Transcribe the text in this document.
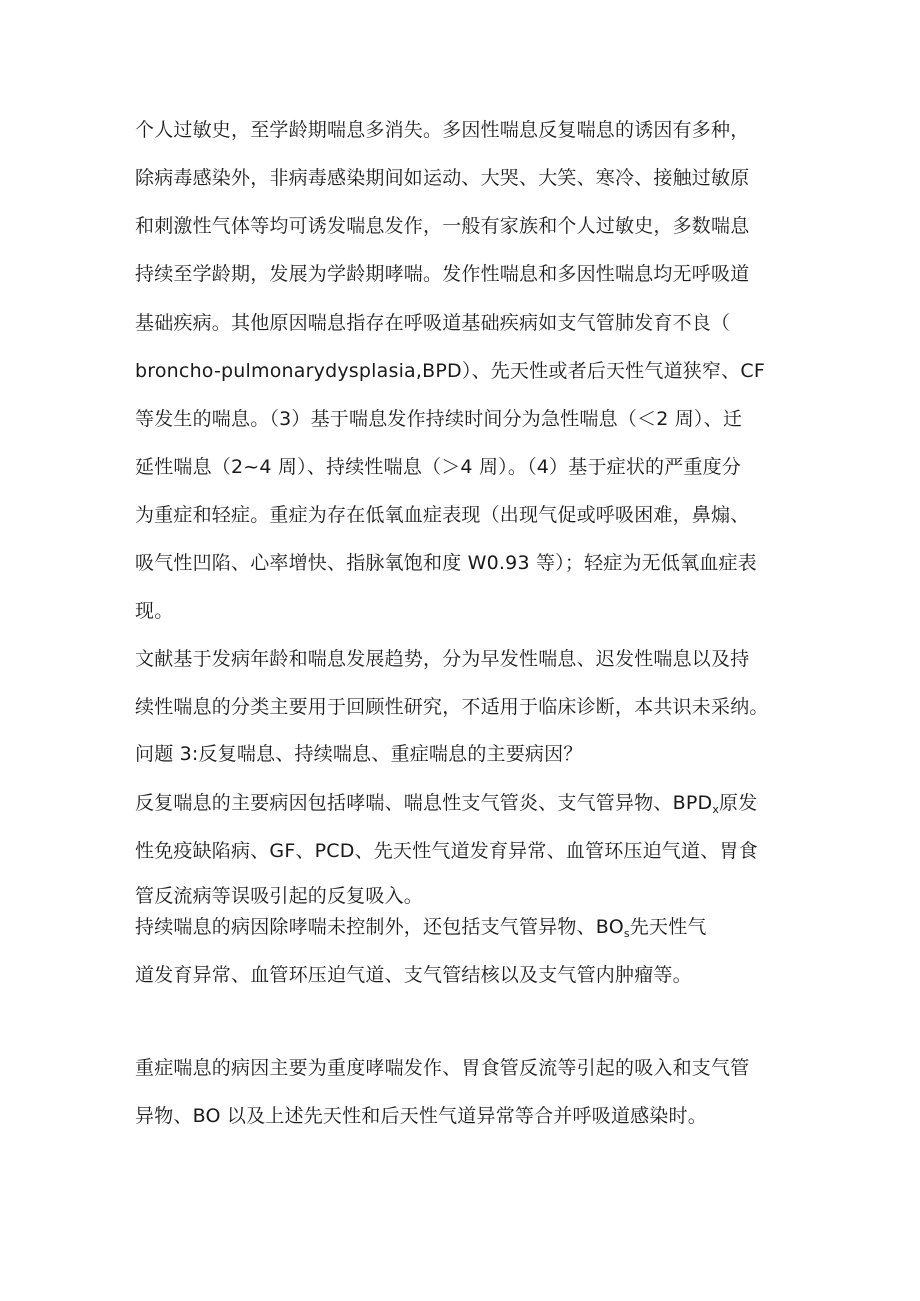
个人过敏史，至学龄期喘息多消失。多因性喘息反复喘息的诱因有多种，
除病毒感染外，非病毒感染期间如运动、大哭、大笑、寒冷、接触过敏原
和刺激性气体等均可诱发喘息发作，一般有家族和个人过敏史，多数喘息
持续至学龄期，发展为学龄期哮喘。发作性喘息和多因性喘息均无呼吸道
基础疾病。其他原因喘息指存在呼吸道基础疾病如支气管肺发育不良（
broncho-pulmonarydysplasia,BPD）、先天性或者后天性气道狭窄、CF
等发生的喘息。（3）基于喘息发作持续时间分为急性喘息（＜2 周）、迁
延性喘息（2~4 周）、持续性喘息（＞4 周）。（4）基于症状的严重度分
为重症和轻症。重症为存在低氧血症表现（出现气促或呼吸困难，鼻煽、
吸气性凹陷、心率增快、指脉氧饱和度 W0.93 等）；轻症为无低氧血症表
现。
文献基于发病年龄和喘息发展趋势，分为早发性喘息、迟发性喘息以及持
续性喘息的分类主要用于回顾性研究，不适用于临床诊断，本共识未采纳。
问题 3:反复喘息、持续喘息、重症喘息的主要病因？
反复喘息的主要病因包括哮喘、喘息性支气管炎、支气管异物、$BPD_x$原发
性免疫缺陷病、GF、PCD、先天性气道发育异常、血管环压迫气道、胃食
管反流病等误吸引起的反复吸入。
持续喘息的病因除哮喘未控制外，还包括支气管异物、$BO_s$先天性气
道发育异常、血管环压迫气道、支气管结核以及支气管内肿瘤等。
重症喘息的病因主要为重度哮喘发作、胃食管反流等引起的吸入和支气管
异物、BO 以及上述先天性和后天性气道异常等合并呼吸道感染时。
